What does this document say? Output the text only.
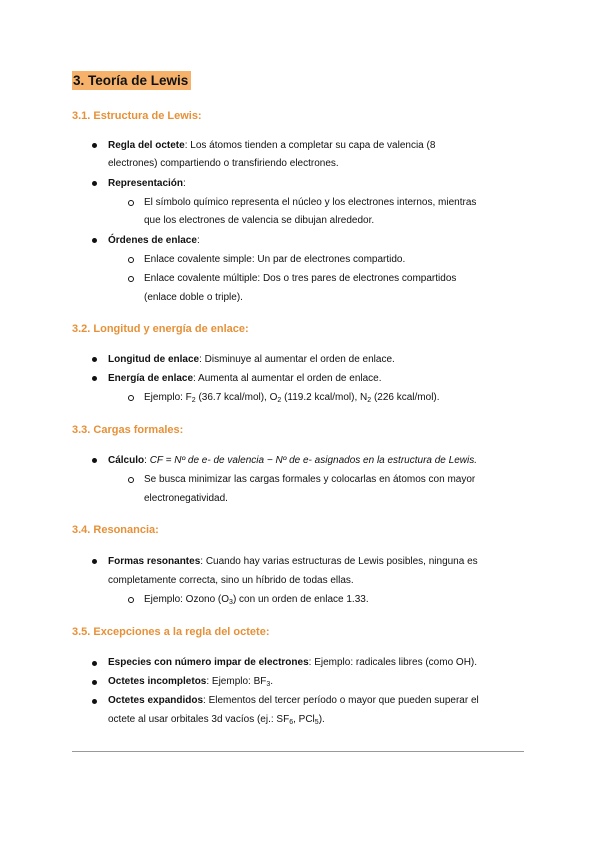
3. Teoría de Lewis
3.1. Estructura de Lewis:
Regla del octete: Los átomos tienden a completar su capa de valencia (8
electrones) compartiendo o transfiriendo electrones.
Representación:
El símbolo químico representa el núcleo y los electrones internos, mientras
que los electrones de valencia se dibujan alrededor.
Órdenes de enlace:
Enlace covalente simple: Un par de electrones compartido.
Enlace covalente múltiple: Dos o tres pares de electrones compartidos
(enlace doble o triple).
3.2. Longitud y energía de enlace:
Longitud de enlace: Disminuye al aumentar el orden de enlace.
Energía de enlace: Aumenta al aumentar el orden de enlace.
Ejemplo: $F_2$ (36.7 kcal/mol), $O_2$ (119.2 kcal/mol), $N_2$ (226 kcal/mol).
3.3. Cargas formales:
Cálculo: CF = Nº de e- de valencia − Nº de e- asignados en la estructura de Lewis.
Se busca minimizar las cargas formales y colocarlas en átomos con mayor
electronegatividad.
3.4. Resonancia:
Formas resonantes: Cuando hay varias estructuras de Lewis posibles, ninguna es
completamente correcta, sino un híbrido de todas ellas.
Ejemplo: Ozono $(O_3)$ con un orden de enlace 1.33.
3.5. Excepciones a la regla del octete:
Especies con número impar de electrones: Ejemplo: radicales libres (como OH).
Octetes incompletos: Ejemplo: $BF_3$.
Octetes expandidos: Elementos del tercer período o mayor que pueden superar el
octete al usar orbitales 3d vacíos (ej.: $SF_6$, PCl$_5$).
